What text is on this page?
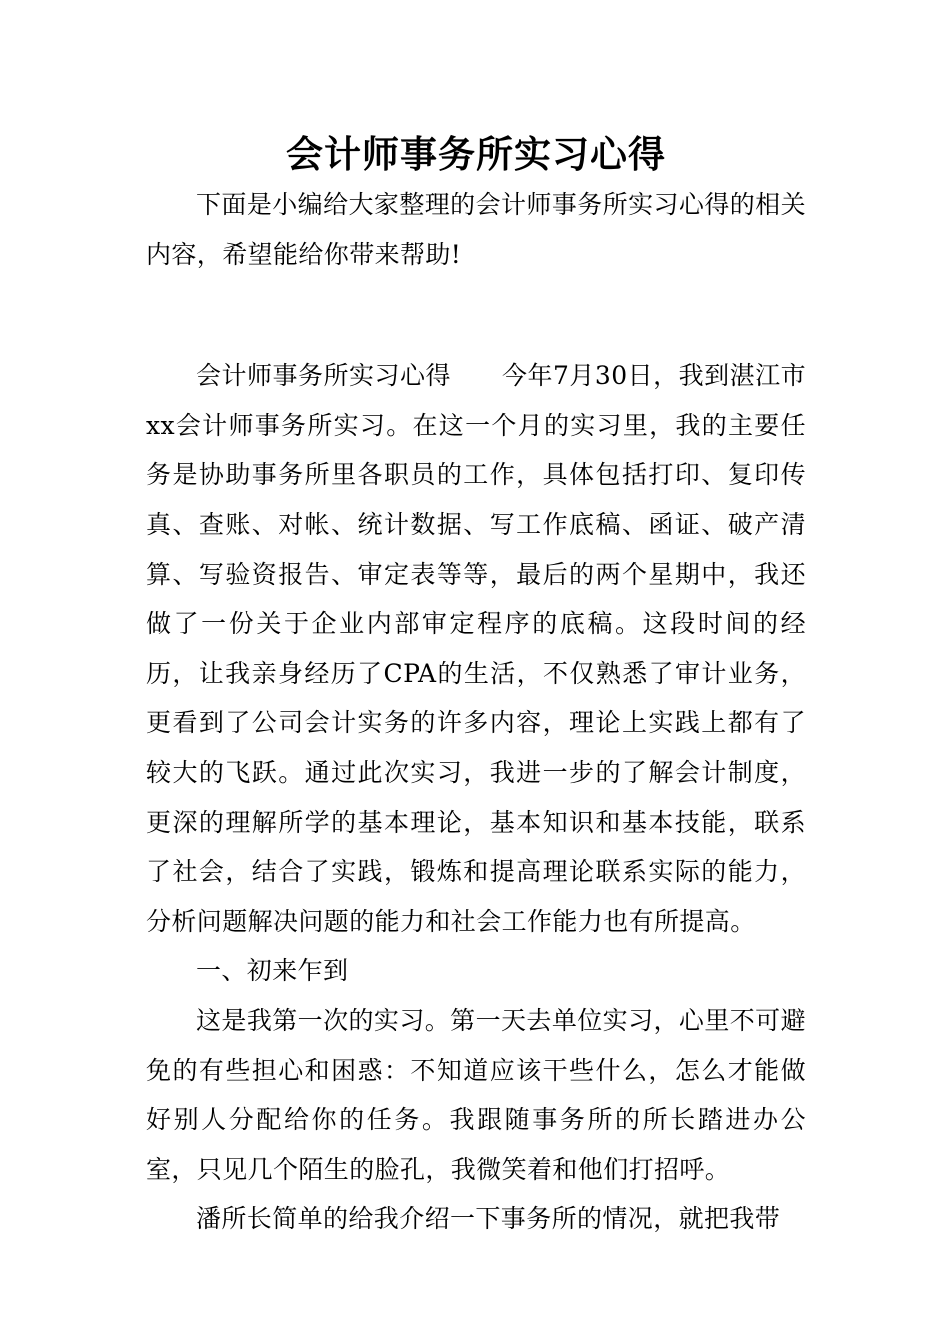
会计师事务所实习心得

下面是小编给大家整理的会计师事务所实习心得的相关内容，希望能给你带来帮助!

会计师事务所实习心得　　今年7月30日，我到湛江市xx会计师事务所实习。在这一个月的实习里，我的主要任务是协助事务所里各职员的工作，具体包括打印、复印传真、查账、对帐、统计数据、写工作底稿、函证、破产清算、写验资报告、审定表等等，最后的两个星期中，我还做了一份关于企业内部审定程序的底稿。这段时间的经历，让我亲身经历了CPA的生活，不仅熟悉了审计业务，更看到了公司会计实务的许多内容，理论上实践上都有了较大的飞跃。通过此次实习，我进一步的了解会计制度，更深的理解所学的基本理论，基本知识和基本技能，联系了社会，结合了实践，锻炼和提高理论联系实际的能力，分析问题解决问题的能力和社会工作能力也有所提高。

一、初来乍到

这是我第一次的实习。第一天去单位实习，心里不可避免的有些担心和困惑：不知道应该干些什么，怎么才能做好别人分配给你的任务。我跟随事务所的所长踏进办公室，只见几个陌生的脸孔，我微笑着和他们打招呼。

潘所长简单的给我介绍一下事务所的情况，就把我带
